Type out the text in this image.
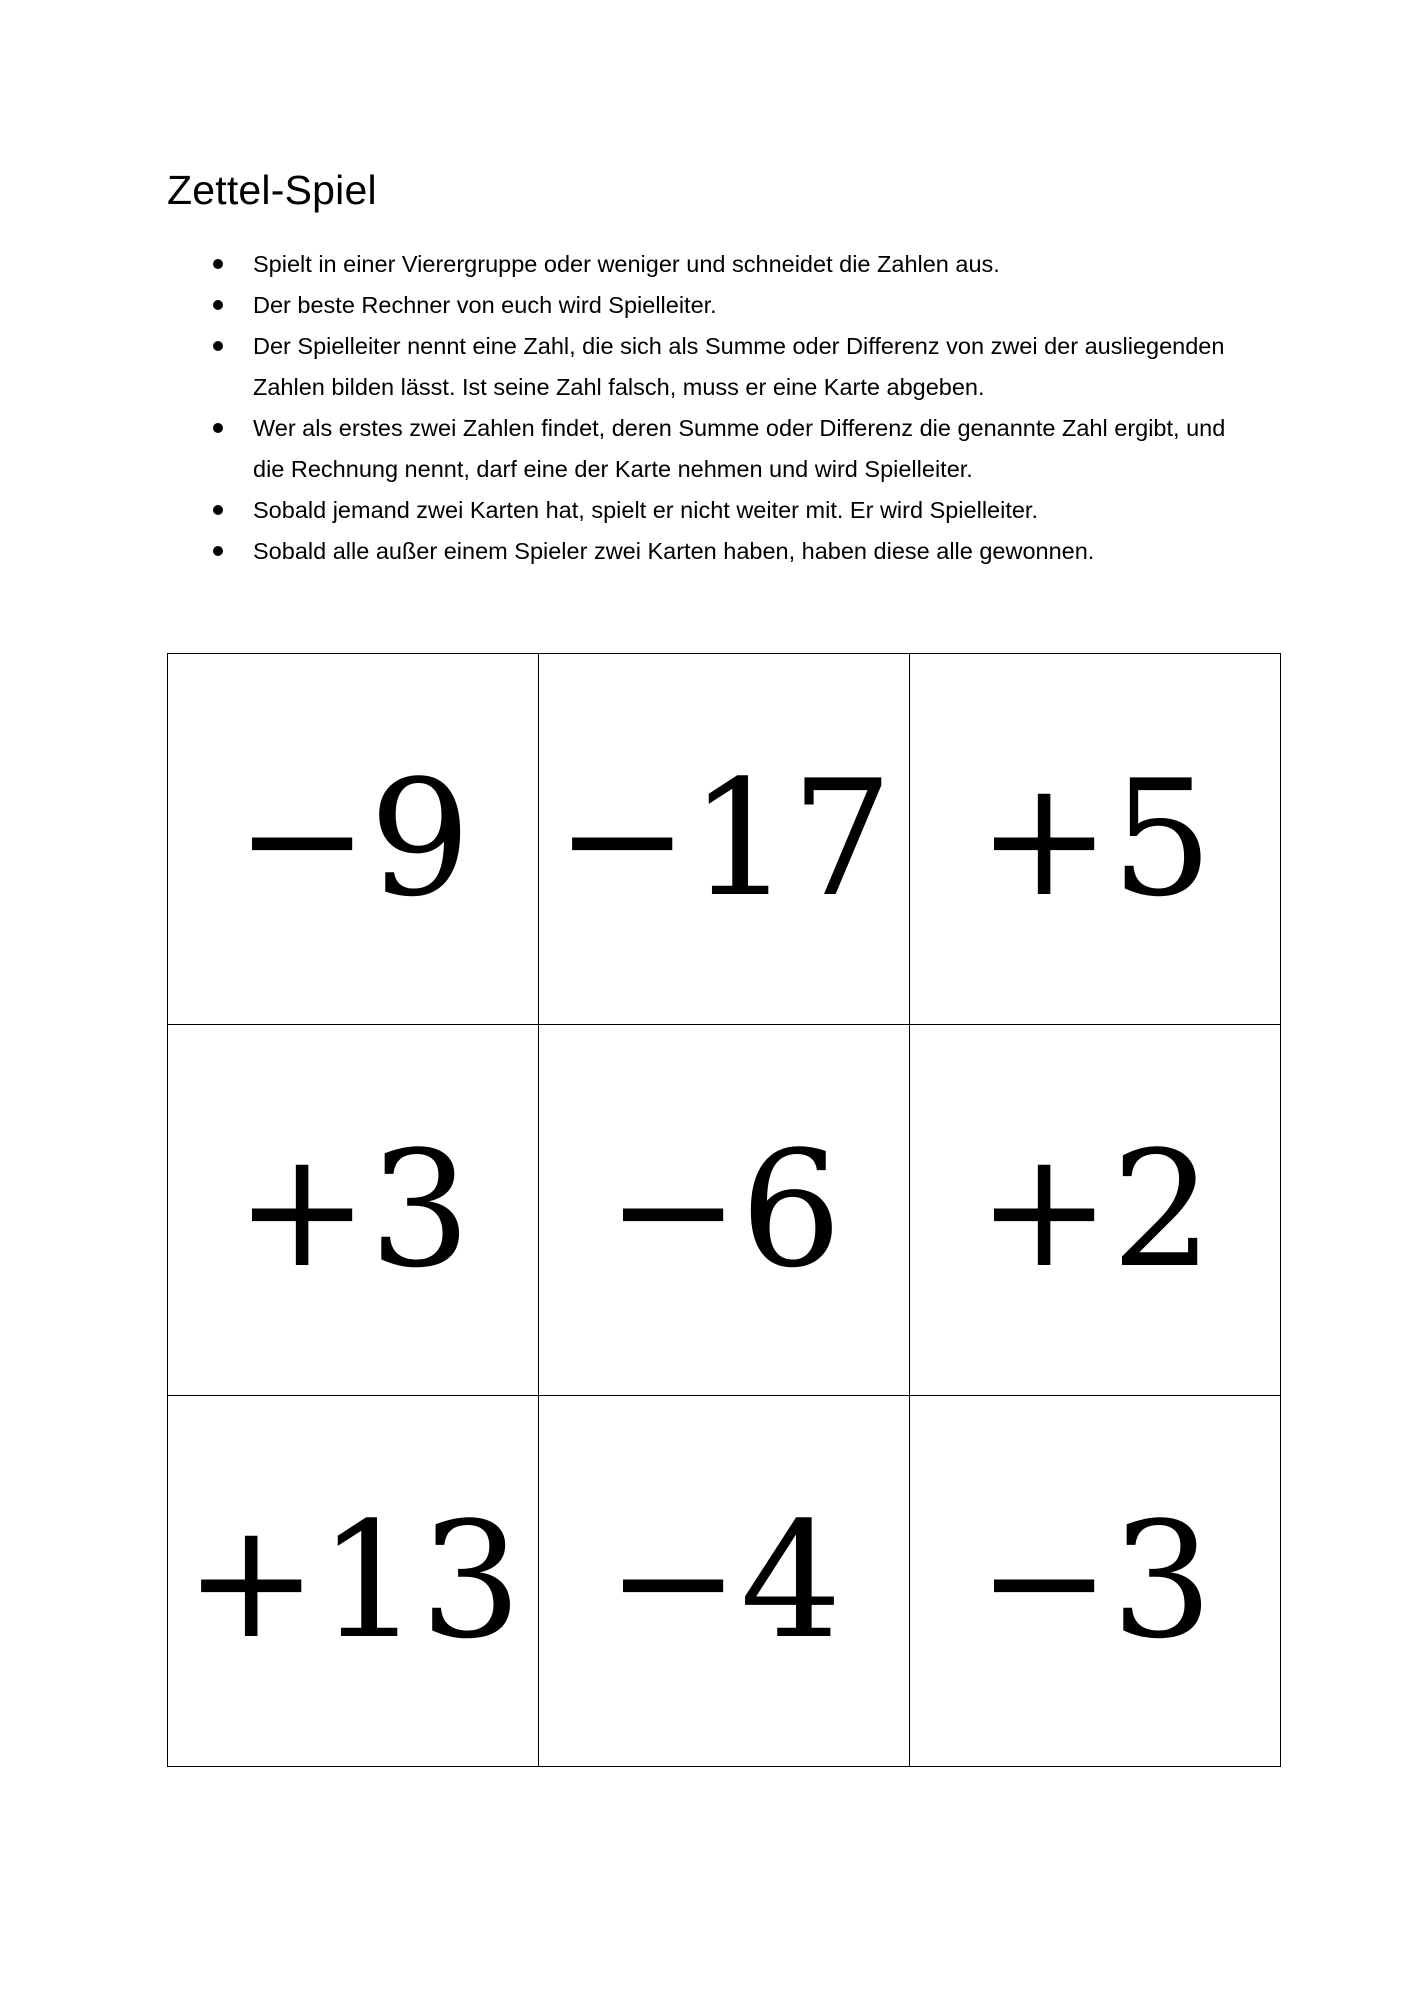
Zettel-Spiel
Spielt in einer Vierergruppe oder weniger und schneidet die Zahlen aus.
Der beste Rechner von euch wird Spielleiter.
Der Spielleiter nennt eine Zahl, die sich als Summe oder Differenz von zwei der ausliegenden Zahlen bilden lässt. Ist seine Zahl falsch, muss er eine Karte abgeben.
Wer als erstes zwei Zahlen findet, deren Summe oder Differenz die genannte Zahl ergibt, und die Rechnung nennt, darf eine der Karte nehmen und wird Spielleiter.
Sobald jemand zwei Karten hat, spielt er nicht weiter mit. Er wird Spielleiter.
Sobald alle außer einem Spieler zwei Karten haben, haben diese alle gewonnen.
−9	−17	+5
+3	−6	+2
+13	−4	−3
